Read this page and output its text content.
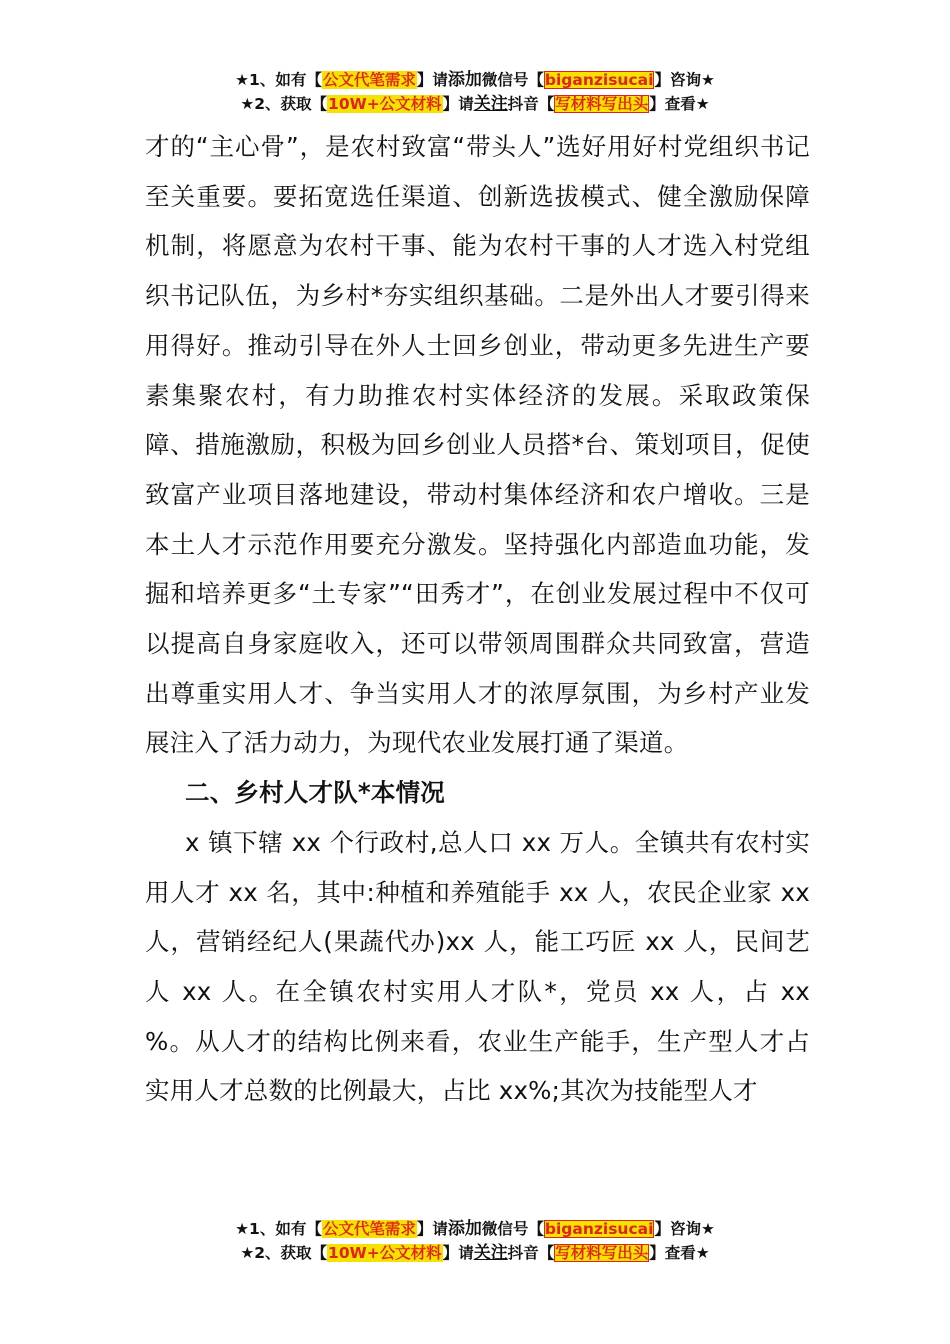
★1、如有【公文代笔需求】请添加微信号【biganzisucai】咨询★
★2、获取【10W+公文材料】请关注抖音【写材料写出头】查看★

才的“主心骨”，是农村致富“带头人”选好用好村党组织书记至关重要。要拓宽选任渠道、创新选拔模式、健全激励保障机制，将愿意为农村干事、能为农村干事的人才选入村党组织书记队伍，为乡村*夯实组织基础。二是外出人才要引得来用得好。推动引导在外人士回乡创业，带动更多先进生产要素集聚农村，有力助推农村实体经济的发展。采取政策保障、措施激励，积极为回乡创业人员搭*台、策划项目，促使致富产业项目落地建设，带动村集体经济和农户增收。三是本土人才示范作用要充分激发。坚持强化内部造血功能，发掘和培养更多“土专家”“田秀才”，在创业发展过程中不仅可以提高自身家庭收入，还可以带领周围群众共同致富，营造出尊重实用人才、争当实用人才的浓厚氛围，为乡村产业发展注入了活力动力，为现代农业发展打通了渠道。

二、乡村人才队*本情况

x 镇下辖 xx 个行政村,总人口 xx 万人。全镇共有农村实用人才 xx 名，其中:种植和养殖能手 xx 人，农民企业家 xx 人，营销经纪人(果蔬代办)xx 人，能工巧匠 xx 人，民间艺人 xx 人。在全镇农村实用人才队*，党员 xx 人，占 xx %。从人才的结构比例来看，农业生产能手，生产型人才占实用人才总数的比例最大，占比 xx%;其次为技能型人才

★1、如有【公文代笔需求】请添加微信号【biganzisucai】咨询★
★2、获取【10W+公文材料】请关注抖音【写材料写出头】查看★
